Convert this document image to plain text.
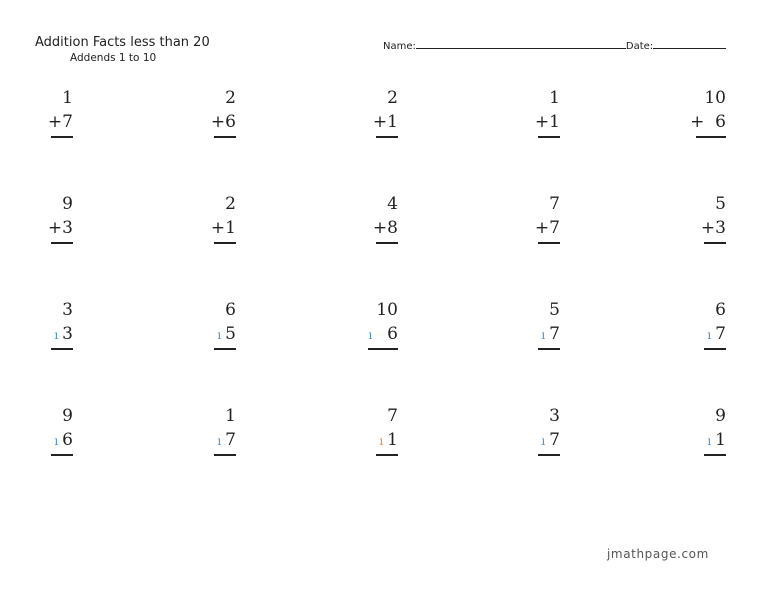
Addition Facts less than 20
Addends 1 to 10
Name:	Date:
1
+7
2
+6
2
+1
1
+1
10
+ 6
9
+3
2
+1
4
+8
7
+7
5
+3
3
ı 3
6
ı 5
10
ı 6
5
ı 7
6
ı 7
9
ı 6
1
ı 7
7
ı 1
3
ı 7
9
ı 1
jmathpage.com
